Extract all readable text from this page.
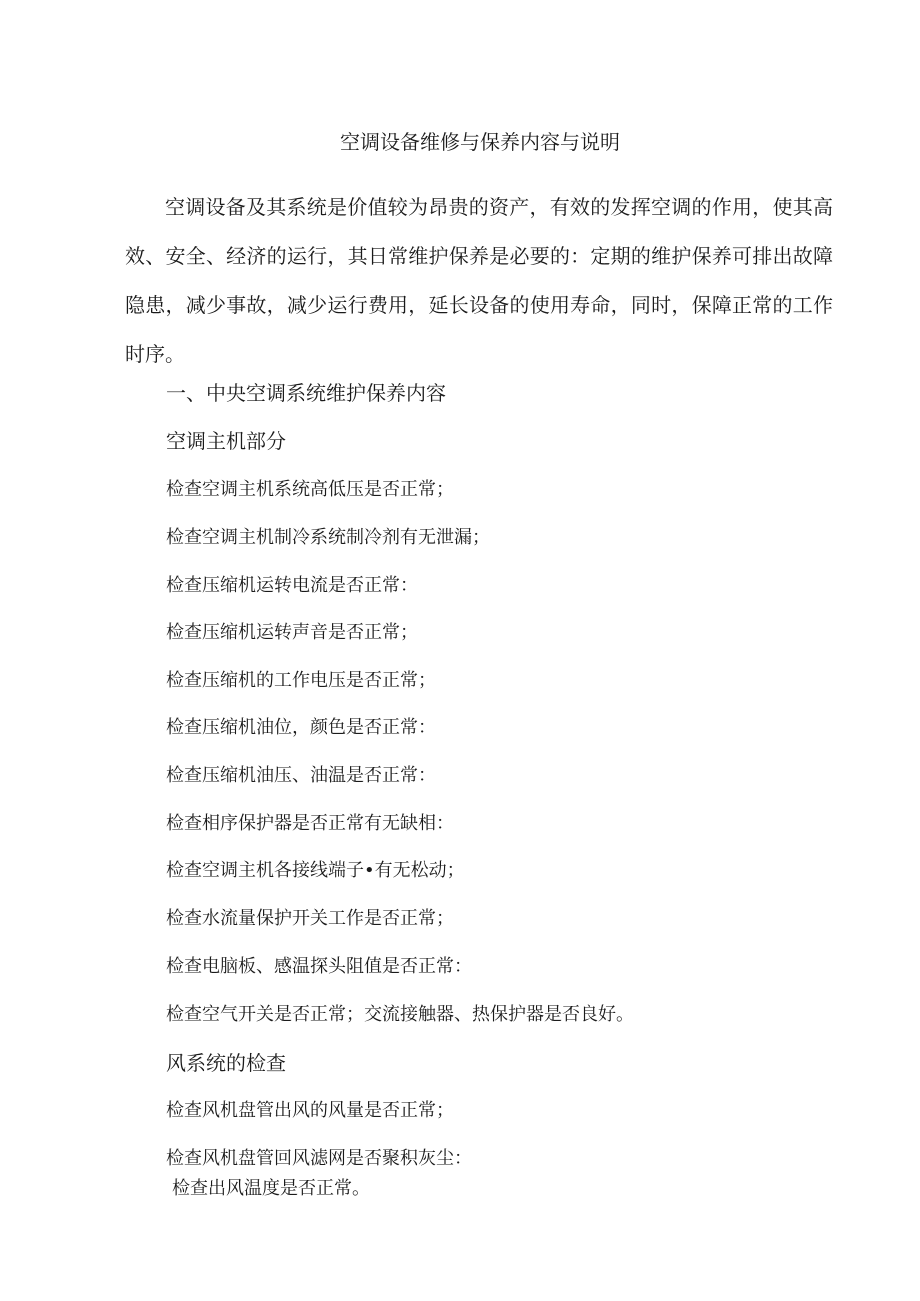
空调设备维修与保养内容与说明

空调设备及其系统是价值较为昂贵的资产，有效的发挥空调的作用，使其高效、安全、经济的运行，其日常维护保养是必要的：定期的维护保养可排出故障隐患，减少事故，减少运行费用，延长设备的使用寿命，同时，保障正常的工作时序。

一、中央空调系统维护保养内容
空调主机部分
检查空调主机系统高低压是否正常；
检查空调主机制冷系统制冷剂有无泄漏；
检查压缩机运转电流是否正常：
检查压缩机运转声音是否正常；
检查压缩机的工作电压是否正常；
检查压缩机油位，颜色是否正常：
检查压缩机油压、油温是否正常：
检查相序保护器是否正常有无缺相：
检查空调主机各接线端子•有无松动；
检查水流量保护开关工作是否正常；
检查电脑板、感温探头阻值是否正常：
检查空气开关是否正常；交流接触器、热保护器是否良好。
风系统的检查
检查风机盘管出风的风量是否正常；
检查风机盘管回风滤网是否聚积灰尘：
检查出风温度是否正常。
